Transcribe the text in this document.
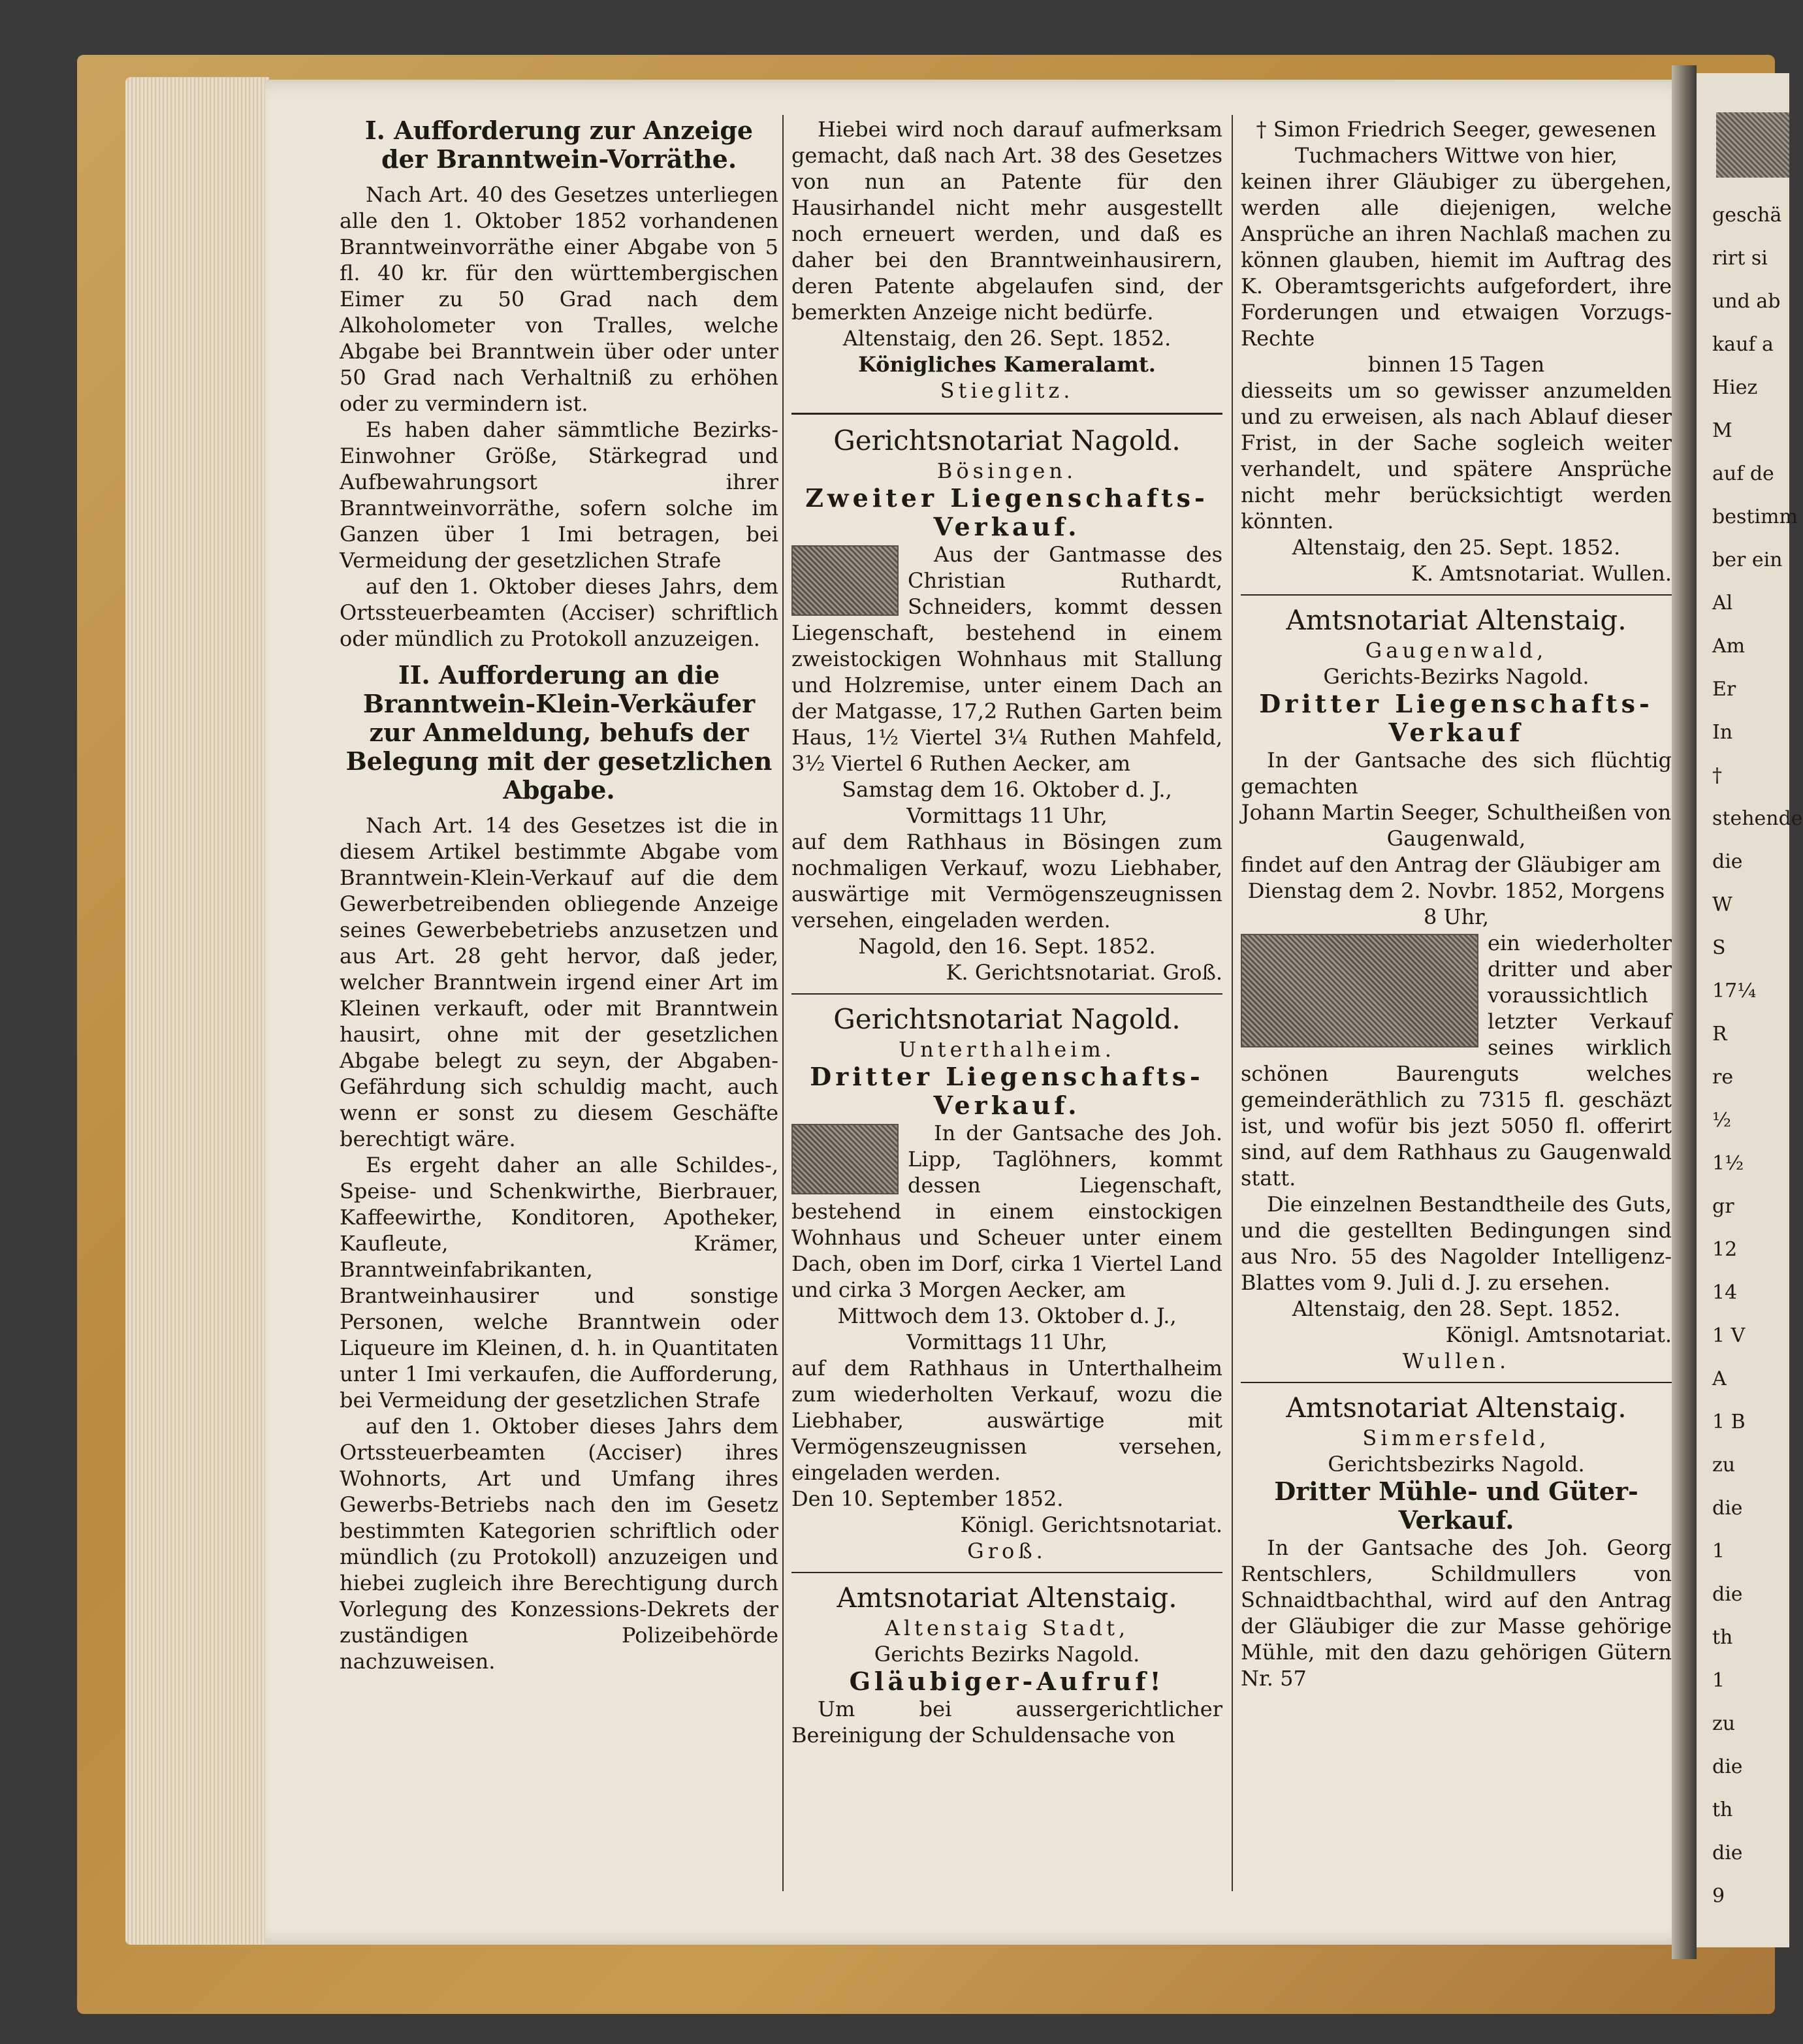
geschä
rirt si
und ab
kauf a
Hiez
M
auf de
bestimm
ber ein
Al
Am
Er
In
†
stehende
die
W
S
17¼
R
re
½
1½
gr
12
14
1 V
A
1 B
zu
die
1
die
th
1
zu
die
th
die
9

I. Aufforderung zur Anzeige der Branntwein-Vorräthe.

Nach Art. 40 des Gesetzes unterliegen alle den 1. Oktober 1852 vorhandenen Branntweinvorräthe einer Abgabe von 5 fl. 40 kr. für den württembergischen Eimer zu 50 Grad nach dem Alkoholometer von Tralles, welche Abgabe bei Branntwein über oder unter 50 Grad nach Verhaltniß zu erhöhen oder zu vermindern ist.

Es haben daher sämmtliche Bezirks-Einwohner Größe, Stärkegrad und Aufbewahrungsort ihrer Branntweinvorräthe, sofern solche im Ganzen über 1 Imi betragen, bei Vermeidung der gesetzlichen Strafe

auf den 1. Oktober dieses Jahrs, dem Ortssteuerbeamten (Acciser) schriftlich oder mündlich zu Protokoll anzuzeigen.

II. Aufforderung an die Branntwein-Klein-Verkäufer zur Anmeldung, behufs der Belegung mit der gesetzlichen Abgabe.

Nach Art. 14 des Gesetzes ist die in diesem Artikel bestimmte Abgabe vom Branntwein-Klein-Verkauf auf die dem Gewerbetreibenden obliegende Anzeige seines Gewerbebetriebs anzusetzen und aus Art. 28 geht hervor, daß jeder, welcher Branntwein irgend einer Art im Kleinen verkauft, oder mit Branntwein hausirt, ohne mit der gesetzlichen Abgabe belegt zu seyn, der Abgaben-Gefährdung sich schuldig macht, auch wenn er sonst zu diesem Geschäfte berechtigt wäre.

Es ergeht daher an alle Schildes-, Speise- und Schenkwirthe, Bierbrauer, Kaffeewirthe, Konditoren, Apotheker, Kaufleute, Krämer, Branntweinfabrikanten, Brantweinhausirer und sonstige Personen, welche Branntwein oder Liqueure im Kleinen, d. h. in Quantitaten unter 1 Imi verkaufen, die Aufforderung, bei Vermeidung der gesetzlichen Strafe

auf den 1. Oktober dieses Jahrs dem Ortssteuerbeamten (Acciser) ihres Wohnorts, Art und Umfang ihres Gewerbs-Betriebs nach den im Gesetz bestimmten Kategorien schriftlich oder mündlich (zu Protokoll) anzuzeigen und hiebei zugleich ihre Berechtigung durch Vorlegung des Konzessions-Dekrets der zuständigen Polizeibehörde nachzuweisen.

Hiebei wird noch darauf aufmerksam gemacht, daß nach Art. 38 des Gesetzes von nun an Patente für den Hausirhandel nicht mehr ausgestellt noch erneuert werden, und daß es daher bei den Branntweinhausirern, deren Patente abgelaufen sind, der bemerkten Anzeige nicht bedürfe.

Altenstaig, den 26. Sept. 1852.

Königliches Kameralamt.

Stieglitz.

Gerichtsnotariat Nagold.

Bösingen.

Zweiter Liegenschafts-Verkauf.

Aus der Gantmasse des Christian Ruthardt, Schneiders, kommt dessen Liegenschaft, bestehend in einem zweistockigen Wohnhaus mit Stallung und Holzremise, unter einem Dach an der Matgasse, 17,2 Ruthen Garten beim Haus, 1½ Viertel 3¼ Ruthen Mahfeld, 3½ Viertel 6 Ruthen Aecker, am

Samstag dem 16. Oktober d. J., Vormittags 11 Uhr,

auf dem Rathhaus in Bösingen zum nochmaligen Verkauf, wozu Liebhaber, auswärtige mit Vermögenszeugnissen versehen, eingeladen werden.

Nagold, den 16. Sept. 1852.

K. Gerichtsnotariat. Groß.

Gerichtsnotariat Nagold.

Unterthalheim.

Dritter Liegenschafts-Verkauf.

In der Gantsache des Joh. Lipp, Taglöhners, kommt dessen Liegenschaft, bestehend in einem einstockigen Wohnhaus und Scheuer unter einem Dach, oben im Dorf, cirka 1 Viertel Land und cirka 3 Morgen Aecker, am

Mittwoch dem 13. Oktober d. J., Vormittags 11 Uhr,

auf dem Rathhaus in Unterthalheim zum wiederholten Verkauf, wozu die Liebhaber, auswärtige mit Vermögenszeugnissen versehen, eingeladen werden.

Den 10. September 1852.

Königl. Gerichtsnotariat.

Groß.

Amtsnotariat Altenstaig.

Altenstaig Stadt,

Gerichts Bezirks Nagold.

Gläubiger-Aufruf!

Um bei aussergerichtlicher Bereinigung der Schuldensache von

† Simon Friedrich Seeger, gewesenen Tuchmachers Wittwe von hier,

keinen ihrer Gläubiger zu übergehen, werden alle diejenigen, welche Ansprüche an ihren Nachlaß machen zu können glauben, hiemit im Auftrag des K. Oberamtsgerichts aufgefordert, ihre Forderungen und etwaigen Vorzugs-Rechte

binnen 15 Tagen

diesseits um so gewisser anzumelden und zu erweisen, als nach Ablauf dieser Frist, in der Sache sogleich weiter verhandelt, und spätere Ansprüche nicht mehr berücksichtigt werden könnten.

Altenstaig, den 25. Sept. 1852.

K. Amtsnotariat. Wullen.

Amtsnotariat Altenstaig.

Gaugenwald,

Gerichts-Bezirks Nagold.

Dritter Liegenschafts-Verkauf

In der Gantsache des sich flüchtig gemachten

Johann Martin Seeger, Schultheißen von Gaugenwald,

findet auf den Antrag der Gläubiger am

Dienstag dem 2. Novbr. 1852, Morgens 8 Uhr,

ein wiederholter dritter und aber voraussichtlich letzter Verkauf seines wirklich schönen Baurenguts welches gemeinderäthlich zu 7315 fl. geschäzt ist, und wofür bis jezt 5050 fl. offerirt sind, auf dem Rathhaus zu Gaugenwald statt.

Die einzelnen Bestandtheile des Guts, und die gestellten Bedingungen sind aus Nro. 55 des Nagolder Intelligenz-Blattes vom 9. Juli d. J. zu ersehen.

Altenstaig, den 28. Sept. 1852.

Königl. Amtsnotariat.

Wullen.

Amtsnotariat Altenstaig.

Simmersfeld,

Gerichtsbezirks Nagold.

Dritter Mühle- und Güter-Verkauf.

In der Gantsache des Joh. Georg Rentschlers, Schildmullers von Schnaidtbachthal, wird auf den Antrag der Gläubiger die zur Masse gehörige Mühle, mit den dazu gehörigen Gütern Nr. 57
